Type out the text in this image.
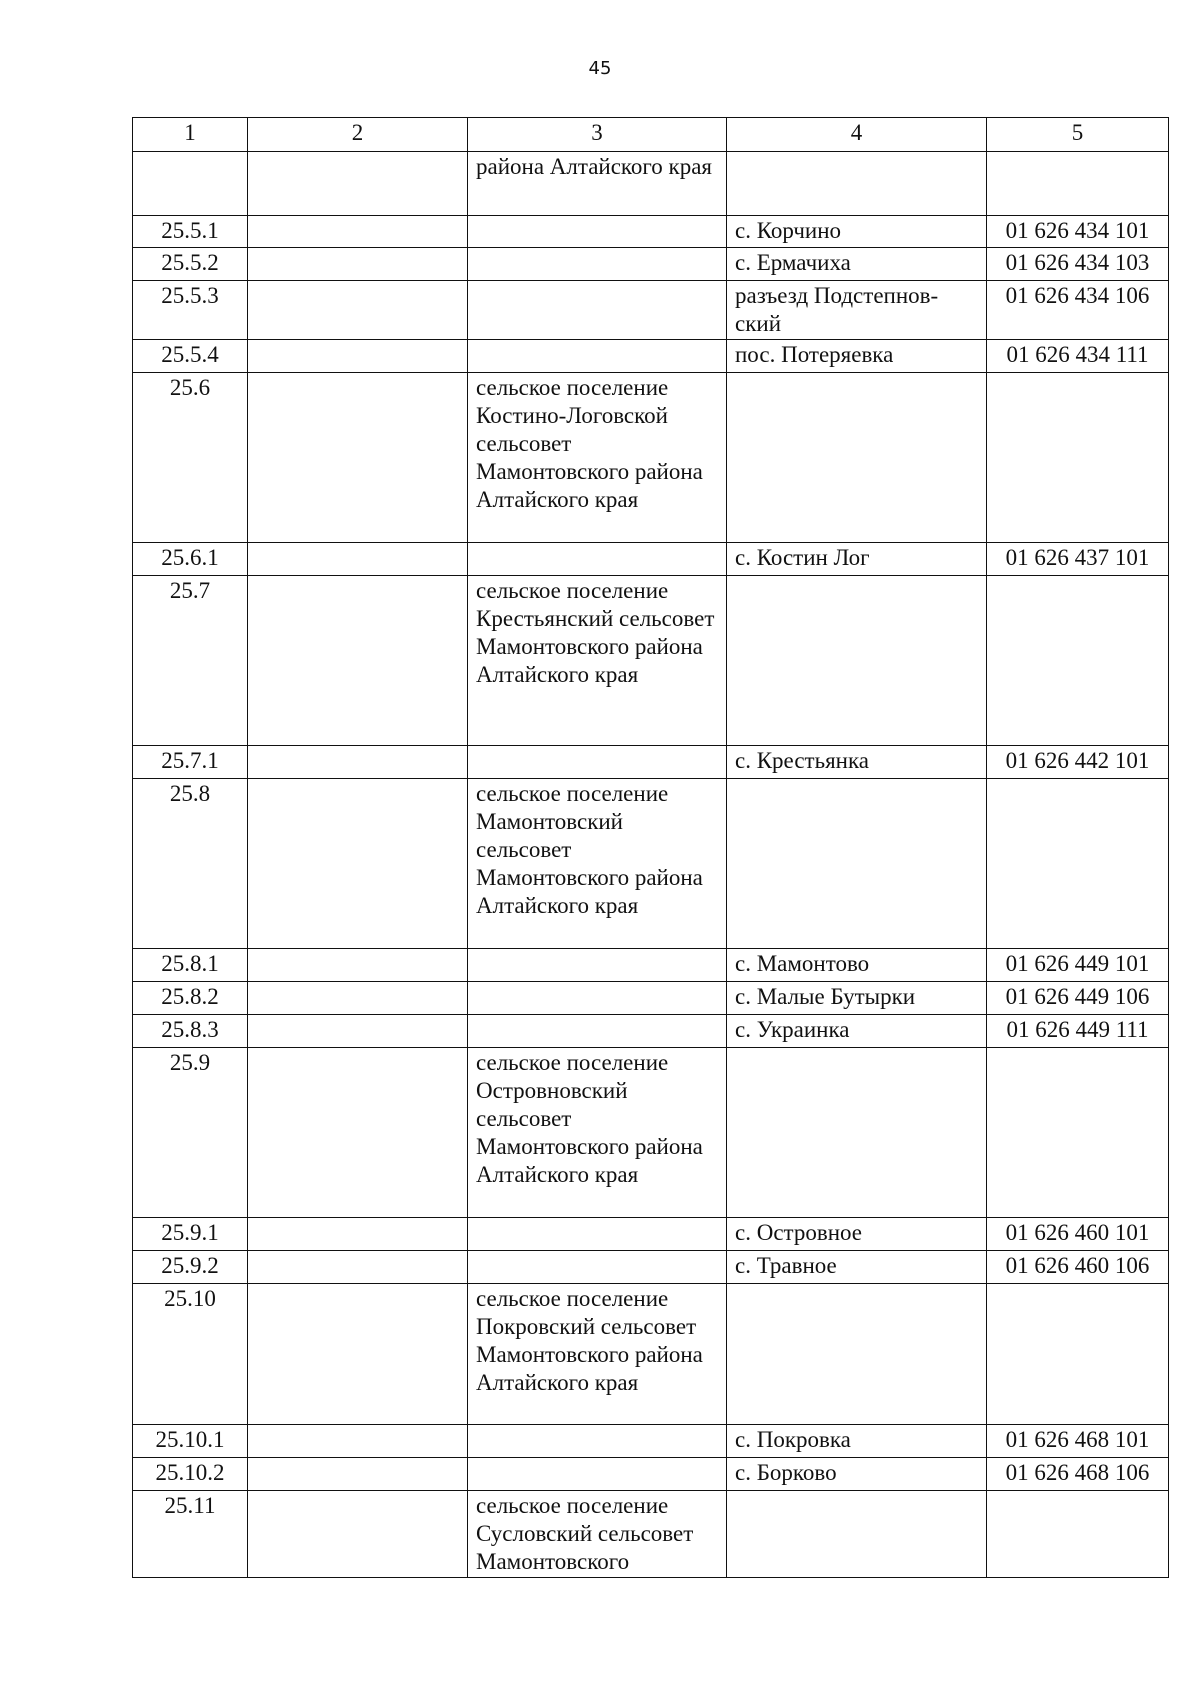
45
1	2	3	4	5
		района Алтайского края		
25.5.1			с. Корчино	01 626 434 101
25.5.2			с. Ермачиха	01 626 434 103
25.5.3			разъезд Подстепнов-ский	01 626 434 106
25.5.4			пос. Потеряевка	01 626 434 111
25.6		сельское поселение Костино-Логовской сельсовет Мамонтовского района Алтайского края		
25.6.1			с. Костин Лог	01 626 437 101
25.7		сельское поселение Крестьянский сельсовет Мамонтовского района Алтайского края		
25.7.1			с. Крестьянка	01 626 442 101
25.8		сельское поселение Мамонтовский сельсовет Мамонтовского района Алтайского края		
25.8.1			с. Мамонтово	01 626 449 101
25.8.2			с. Малые Бутырки	01 626 449 106
25.8.3			с. Украинка	01 626 449 111
25.9		сельское поселение Островновский сельсовет Мамонтовского района Алтайского края		
25.9.1			с. Островное	01 626 460 101
25.9.2			с. Травное	01 626 460 106
25.10		сельское поселение Покровский сельсовет Мамонтовского района Алтайского края		
25.10.1			с. Покровка	01 626 468 101
25.10.2			с. Борково	01 626 468 106
25.11		сельское поселение Сусловский сельсовет Мамонтовского		
